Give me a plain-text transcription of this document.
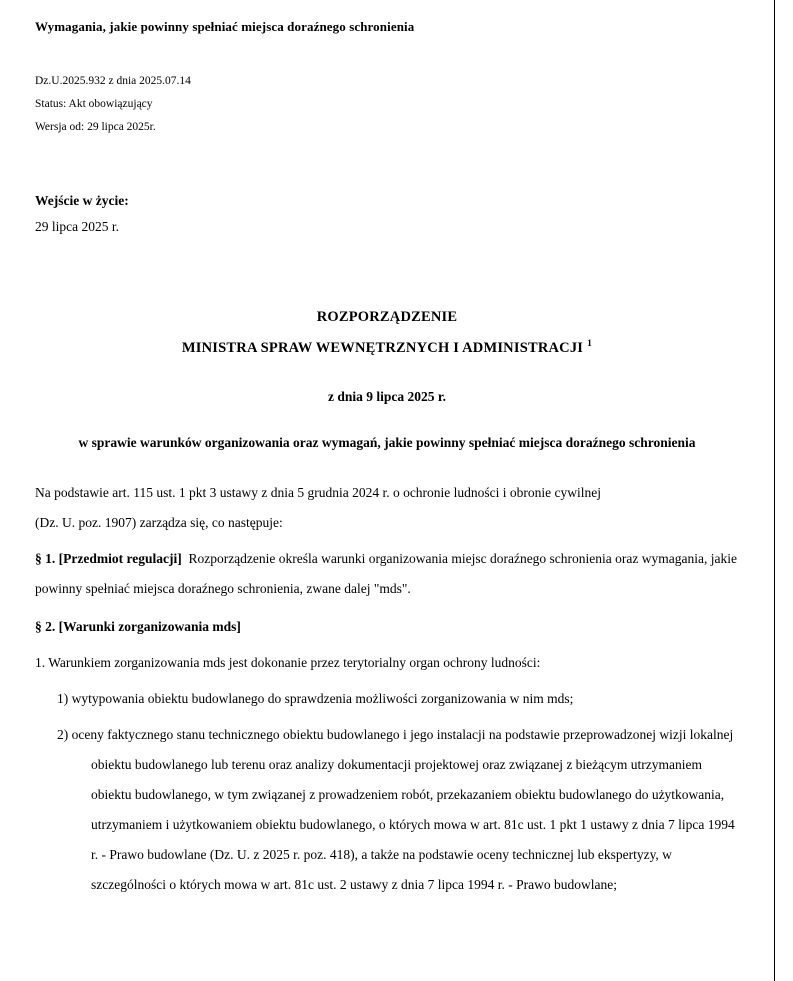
Wymagania, jakie powinny spełniać miejsca doraźnego schronienia

Dz.U.2025.932 z dnia 2025.07.14

Status: Akt obowiązujący

Wersja od: 29 lipca 2025r.

Wejście w życie:

29 lipca 2025 r.

ROZPORZĄDZENIE

MINISTRA SPRAW WEWNĘTRZNYCH I ADMINISTRACJI $^1$

z dnia 9 lipca 2025 r.

w sprawie warunków organizowania oraz wymagań, jakie powinny spełniać miejsca doraźnego schronienia

Na podstawie art. 115 ust. 1 pkt 3 ustawy z dnia 5 grudnia 2024 r. o ochronie ludności i obronie cywilnej

(Dz. U. poz. 1907) zarządza się, co następuje:

§ 1. [Przedmiot regulacji] Rozporządzenie określa warunki organizowania miejsc doraźnego schronienia oraz wymagania, jakie powinny spełniać miejsca doraźnego schronienia, zwane dalej "mds".

§ 2. [Warunki zorganizowania mds]

1. Warunkiem zorganizowania mds jest dokonanie przez terytorialny organ ochrony ludności:

1) wytypowania obiektu budowlanego do sprawdzenia możliwości zorganizowania w nim mds;

2) oceny faktycznego stanu technicznego obiektu budowlanego i jego instalacji na podstawie przeprowadzonej wizji lokalnej obiektu budowlanego lub terenu oraz analizy dokumentacji projektowej oraz związanej z bieżącym utrzymaniem obiektu budowlanego, w tym związanej z prowadzeniem robót, przekazaniem obiektu budowlanego do użytkowania, utrzymaniem i użytkowaniem obiektu budowlanego, o których mowa w art. 81c ust. 1 pkt 1 ustawy z dnia 7 lipca 1994 r. - Prawo budowlane (Dz. U. z 2025 r. poz. 418), a także na podstawie oceny technicznej lub ekspertyzy, w szczególności o których mowa w art. 81c ust. 2 ustawy z dnia 7 lipca 1994 r. - Prawo budowlane;
